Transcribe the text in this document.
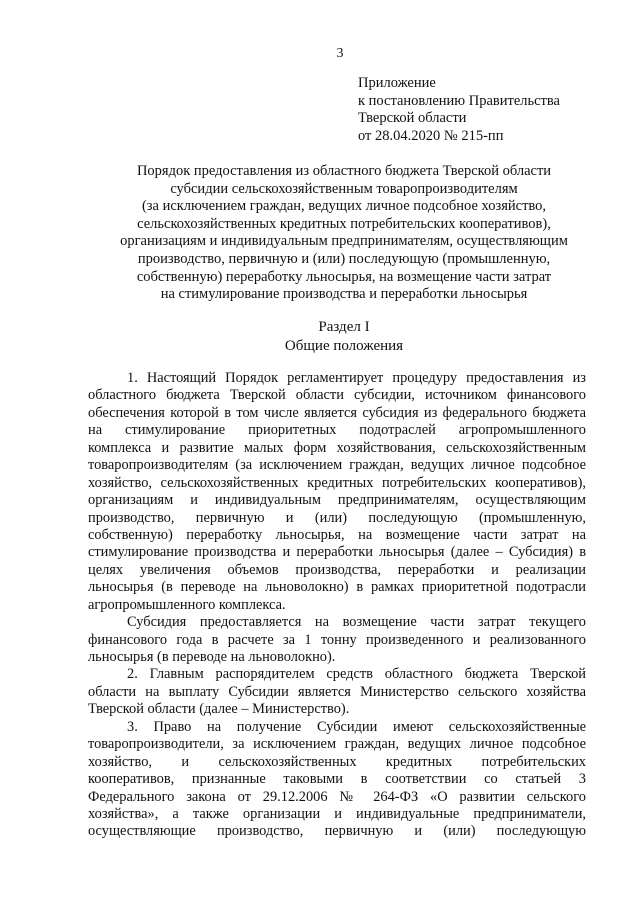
3
Приложение
к постановлению Правительства
Тверской области
от 28.04.2020 № 215-пп
Порядок предоставления из областного бюджета Тверской области
субсидии сельскохозяйственным товаропроизводителям
(за исключением граждан, ведущих личное подсобное хозяйство,
сельскохозяйственных кредитных потребительских кооперативов),
организациям и индивидуальным предпринимателям, осуществляющим
производство, первичную и (или) последующую (промышленную,
собственную) переработку льносырья, на возмещение части затрат
на стимулирование производства и переработки льносырья
Раздел I
Общие положения
1. Настоящий Порядок регламентирует процедуру предоставления из
областного бюджета Тверской области субсидии, источником финансового
обеспечения которой в том числе является субсидия из федерального бюджета
на стимулирование приоритетных подотраслей агропромышленного
комплекса и развитие малых форм хозяйствования, сельскохозяйственным
товаропроизводителям (за исключением граждан, ведущих личное подсобное
хозяйство, сельскохозяйственных кредитных потребительских кооперативов),
организациям и индивидуальным предпринимателям, осуществляющим
производство, первичную и (или) последующую (промышленную,
собственную) переработку льносырья, на возмещение части затрат на
стимулирование производства и переработки льносырья (далее – Субсидия) в
целях увеличения объемов производства, переработки и реализации
льносырья (в переводе на льноволокно) в рамках приоритетной подотрасли
агропромышленного комплекса.
Субсидия предоставляется на возмещение части затрат текущего
финансового года в расчете за 1 тонну произведенного и реализованного
льносырья (в переводе на льноволокно).
2. Главным распорядителем средств областного бюджета Тверской
области на выплату Субсидии является Министерство сельского хозяйства
Тверской области (далее – Министерство).
3. Право на получение Субсидии имеют сельскохозяйственные
товаропроизводители, за исключением граждан, ведущих личное подсобное
хозяйство, и сельскохозяйственных кредитных потребительских
кооперативов, признанные таковыми в соответствии со статьей 3
Федерального закона от 29.12.2006 № 264-ФЗ «О развитии сельского
хозяйства», а также организации и индивидуальные предприниматели,
осуществляющие производство, первичную и (или) последующую
